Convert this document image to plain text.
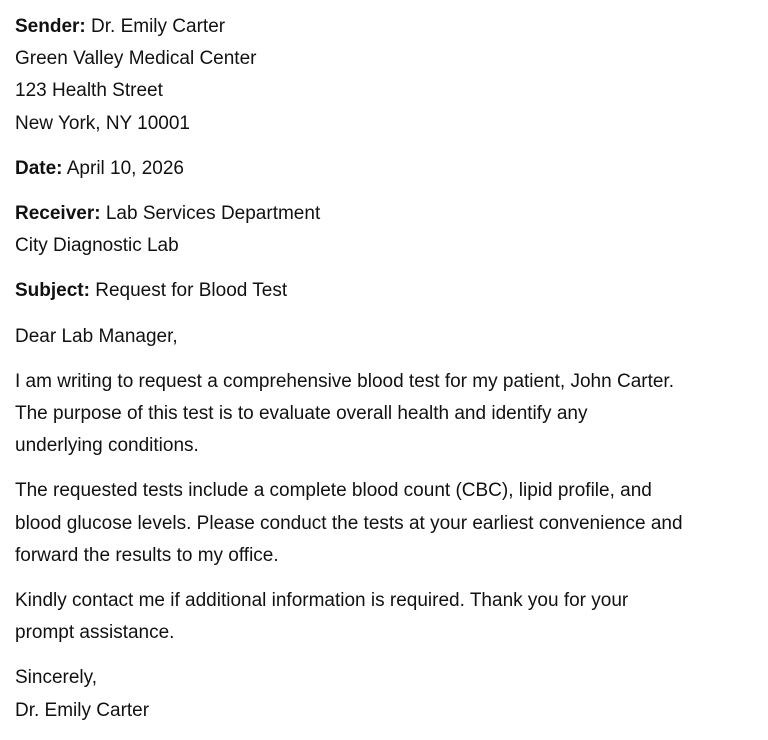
Sender: Dr. Emily Carter
Green Valley Medical Center
123 Health Street
New York, NY 10001
Date: April 10, 2026
Receiver: Lab Services Department
City Diagnostic Lab
Subject: Request for Blood Test
Dear Lab Manager,
I am writing to request a comprehensive blood test for my patient, John Carter.
The purpose of this test is to evaluate overall health and identify any
underlying conditions.
The requested tests include a complete blood count (CBC), lipid profile, and
blood glucose levels. Please conduct the tests at your earliest convenience and
forward the results to my office.
Kindly contact me if additional information is required. Thank you for your
prompt assistance.
Sincerely,
Dr. Emily Carter
